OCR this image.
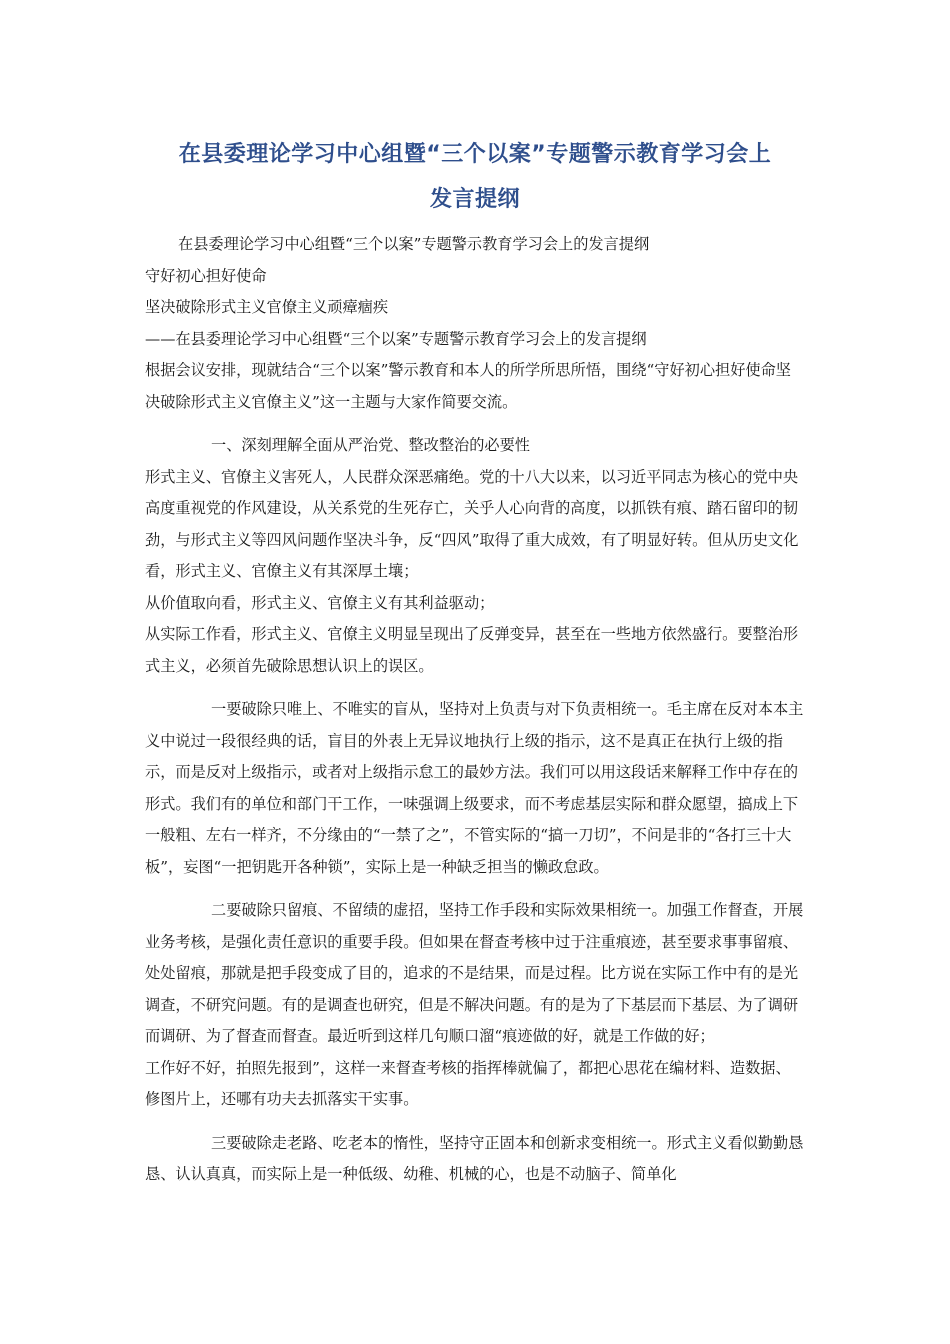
在县委理论学习中心组暨“三个以案”专题警示教育学习会上
发言提纲

在县委理论学习中心组暨“三个以案”专题警示教育学习会上的发言提纲

守好初心担好使命

坚决破除形式主义官僚主义顽瘴痼疾

——在县委理论学习中心组暨“三个以案”专题警示教育学习会上的发言提纲

根据会议安排，现就结合“三个以案”警示教育和本人的所学所思所悟，围绕“守好初心担好使命坚决破除形式主义官僚主义”这一主题与大家作简要交流。

一、深刻理解全面从严治党、整改整治的必要性

形式主义、官僚主义害死人，人民群众深恶痛绝。党的十八大以来，以习近平同志为核心的党中央高度重视党的作风建设，从关系党的生死存亡，关乎人心向背的高度，以抓铁有痕、踏石留印的韧劲，与形式主义等四风问题作坚决斗争，反“四风”取得了重大成效，有了明显好转。但从历史文化看，形式主义、官僚主义有其深厚土壤；

从价值取向看，形式主义、官僚主义有其利益驱动；

从实际工作看，形式主义、官僚主义明显呈现出了反弹变异，甚至在一些地方依然盛行。要整治形式主义，必须首先破除思想认识上的误区。

一要破除只唯上、不唯实的盲从，坚持对上负责与对下负责相统一。毛主席在反对本本主义中说过一段很经典的话，盲目的外表上无异议地执行上级的指示，这不是真正在执行上级的指示，而是反对上级指示，或者对上级指示怠工的最妙方法。我们可以用这段话来解释工作中存在的形式。我们有的单位和部门干工作，一味强调上级要求，而不考虑基层实际和群众愿望，搞成上下一般粗、左右一样齐，不分缘由的“一禁了之”，不管实际的“搞一刀切”，不问是非的“各打三十大板”，妄图“一把钥匙开各种锁”，实际上是一种缺乏担当的懒政怠政。

二要破除只留痕、不留绩的虚招，坚持工作手段和实际效果相统一。加强工作督查，开展业务考核，是强化责任意识的重要手段。但如果在督查考核中过于注重痕迹，甚至要求事事留痕、处处留痕，那就是把手段变成了目的，追求的不是结果，而是过程。比方说在实际工作中有的是光调查，不研究问题。有的是调查也研究，但是不解决问题。有的是为了下基层而下基层、为了调研而调研、为了督查而督查。最近听到这样几句顺口溜“痕迹做的好，就是工作做的好；

工作好不好，拍照先报到”，这样一来督查考核的指挥棒就偏了，都把心思花在编材料、造数据、修图片上，还哪有功夫去抓落实干实事。

三要破除走老路、吃老本的惰性，坚持守正固本和创新求变相统一。形式主义看似勤勤恳恳、认认真真，而实际上是一种低级、幼稚、机械的心，也是不动脑子、简单化
